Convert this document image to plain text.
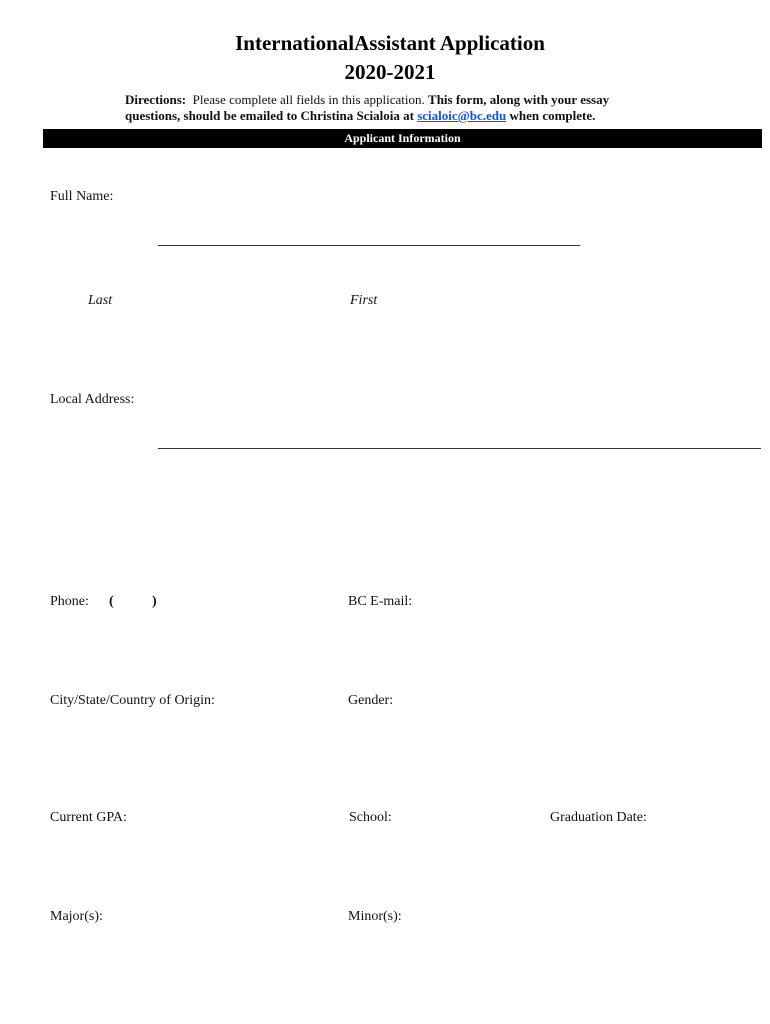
InternationalAssistant Application
2020-2021
Directions: Please complete all fields in this application. This form, along with your essay
questions, should be emailed to Christina Scialoia at scialoic@bc.edu when complete.
Applicant Information
Full Name:
Last	First
Local Address:
Phone: (	)	BC E-mail:
City/State/Country of Origin:	Gender:
Current GPA:	School:	Graduation Date:
Major(s):	Minor(s):
